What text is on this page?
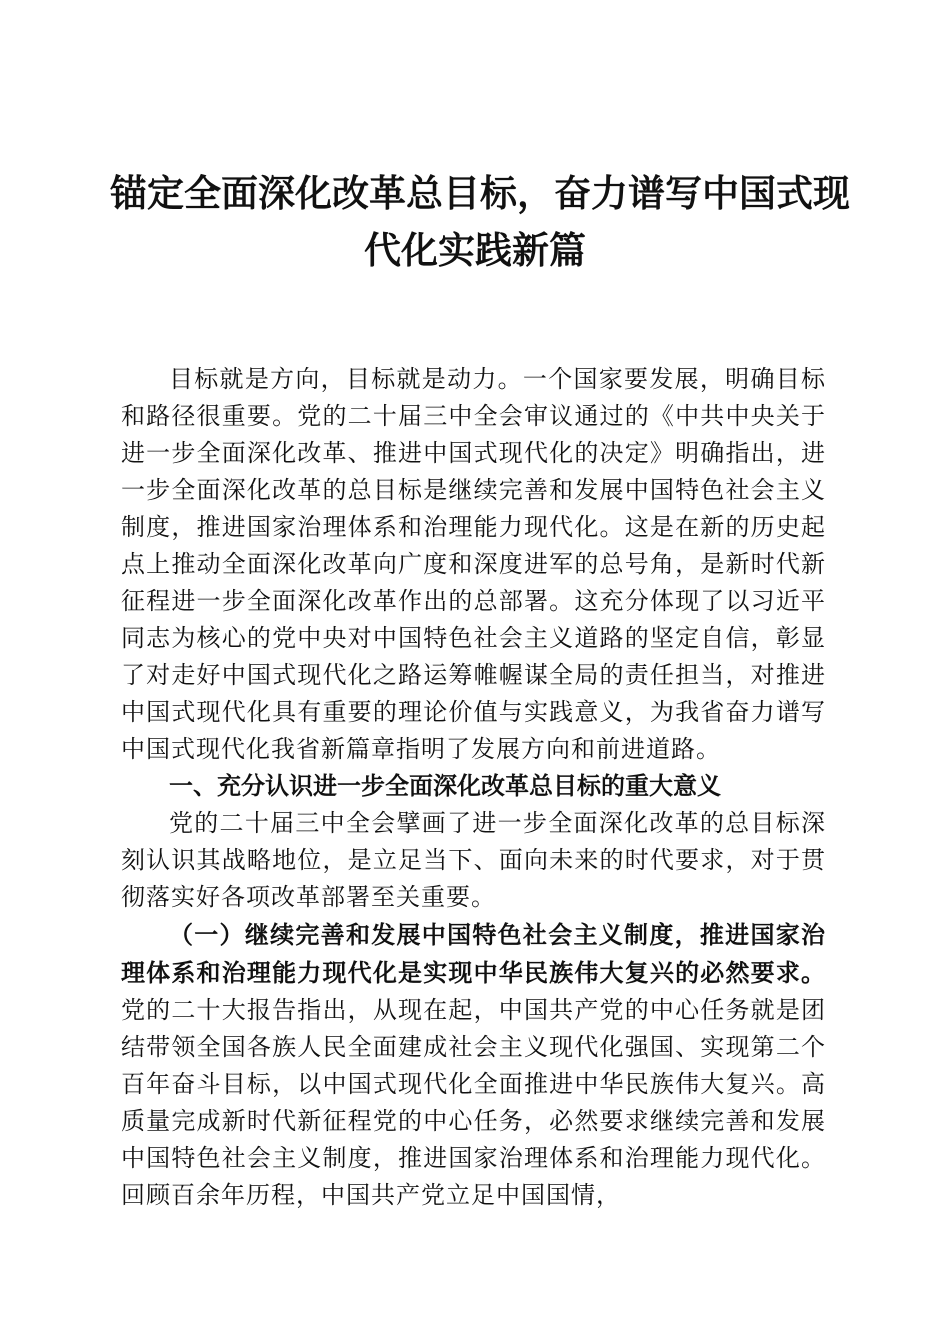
锚定全面深化改革总目标，奋力谱写中国式现
代化实践新篇

目标就是方向，目标就是动力。一个国家要发展，明确目标和路径很重要。党的二十届三中全会审议通过的《中共中央关于进一步全面深化改革、推进中国式现代化的决定》明确指出，进一步全面深化改革的总目标是继续完善和发展中国特色社会主义制度，推进国家治理体系和治理能力现代化。这是在新的历史起点上推动全面深化改革向广度和深度进军的总号角，是新时代新征程进一步全面深化改革作出的总部署。这充分体现了以习近平同志为核心的党中央对中国特色社会主义道路的坚定自信，彰显了对走好中国式现代化之路运筹帷幄谋全局的责任担当，对推进中国式现代化具有重要的理论价值与实践意义，为我省奋力谱写中国式现代化我省新篇章指明了发展方向和前进道路。

一、充分认识进一步全面深化改革总目标的重大意义

党的二十届三中全会擘画了进一步全面深化改革的总目标深刻认识其战略地位，是立足当下、面向未来的时代要求，对于贯彻落实好各项改革部署至关重要。

（一）继续完善和发展中国特色社会主义制度，推进国家治理体系和治理能力现代化是实现中华民族伟大复兴的必然要求。党的二十大报告指出，从现在起，中国共产党的中心任务就是团结带领全国各族人民全面建成社会主义现代化强国、实现第二个百年奋斗目标，以中国式现代化全面推进中华民族伟大复兴。高质量完成新时代新征程党的中心任务，必然要求继续完善和发展中国特色社会主义制度，推进国家治理体系和治理能力现代化。回顾百余年历程，中国共产党立足中国国情，
